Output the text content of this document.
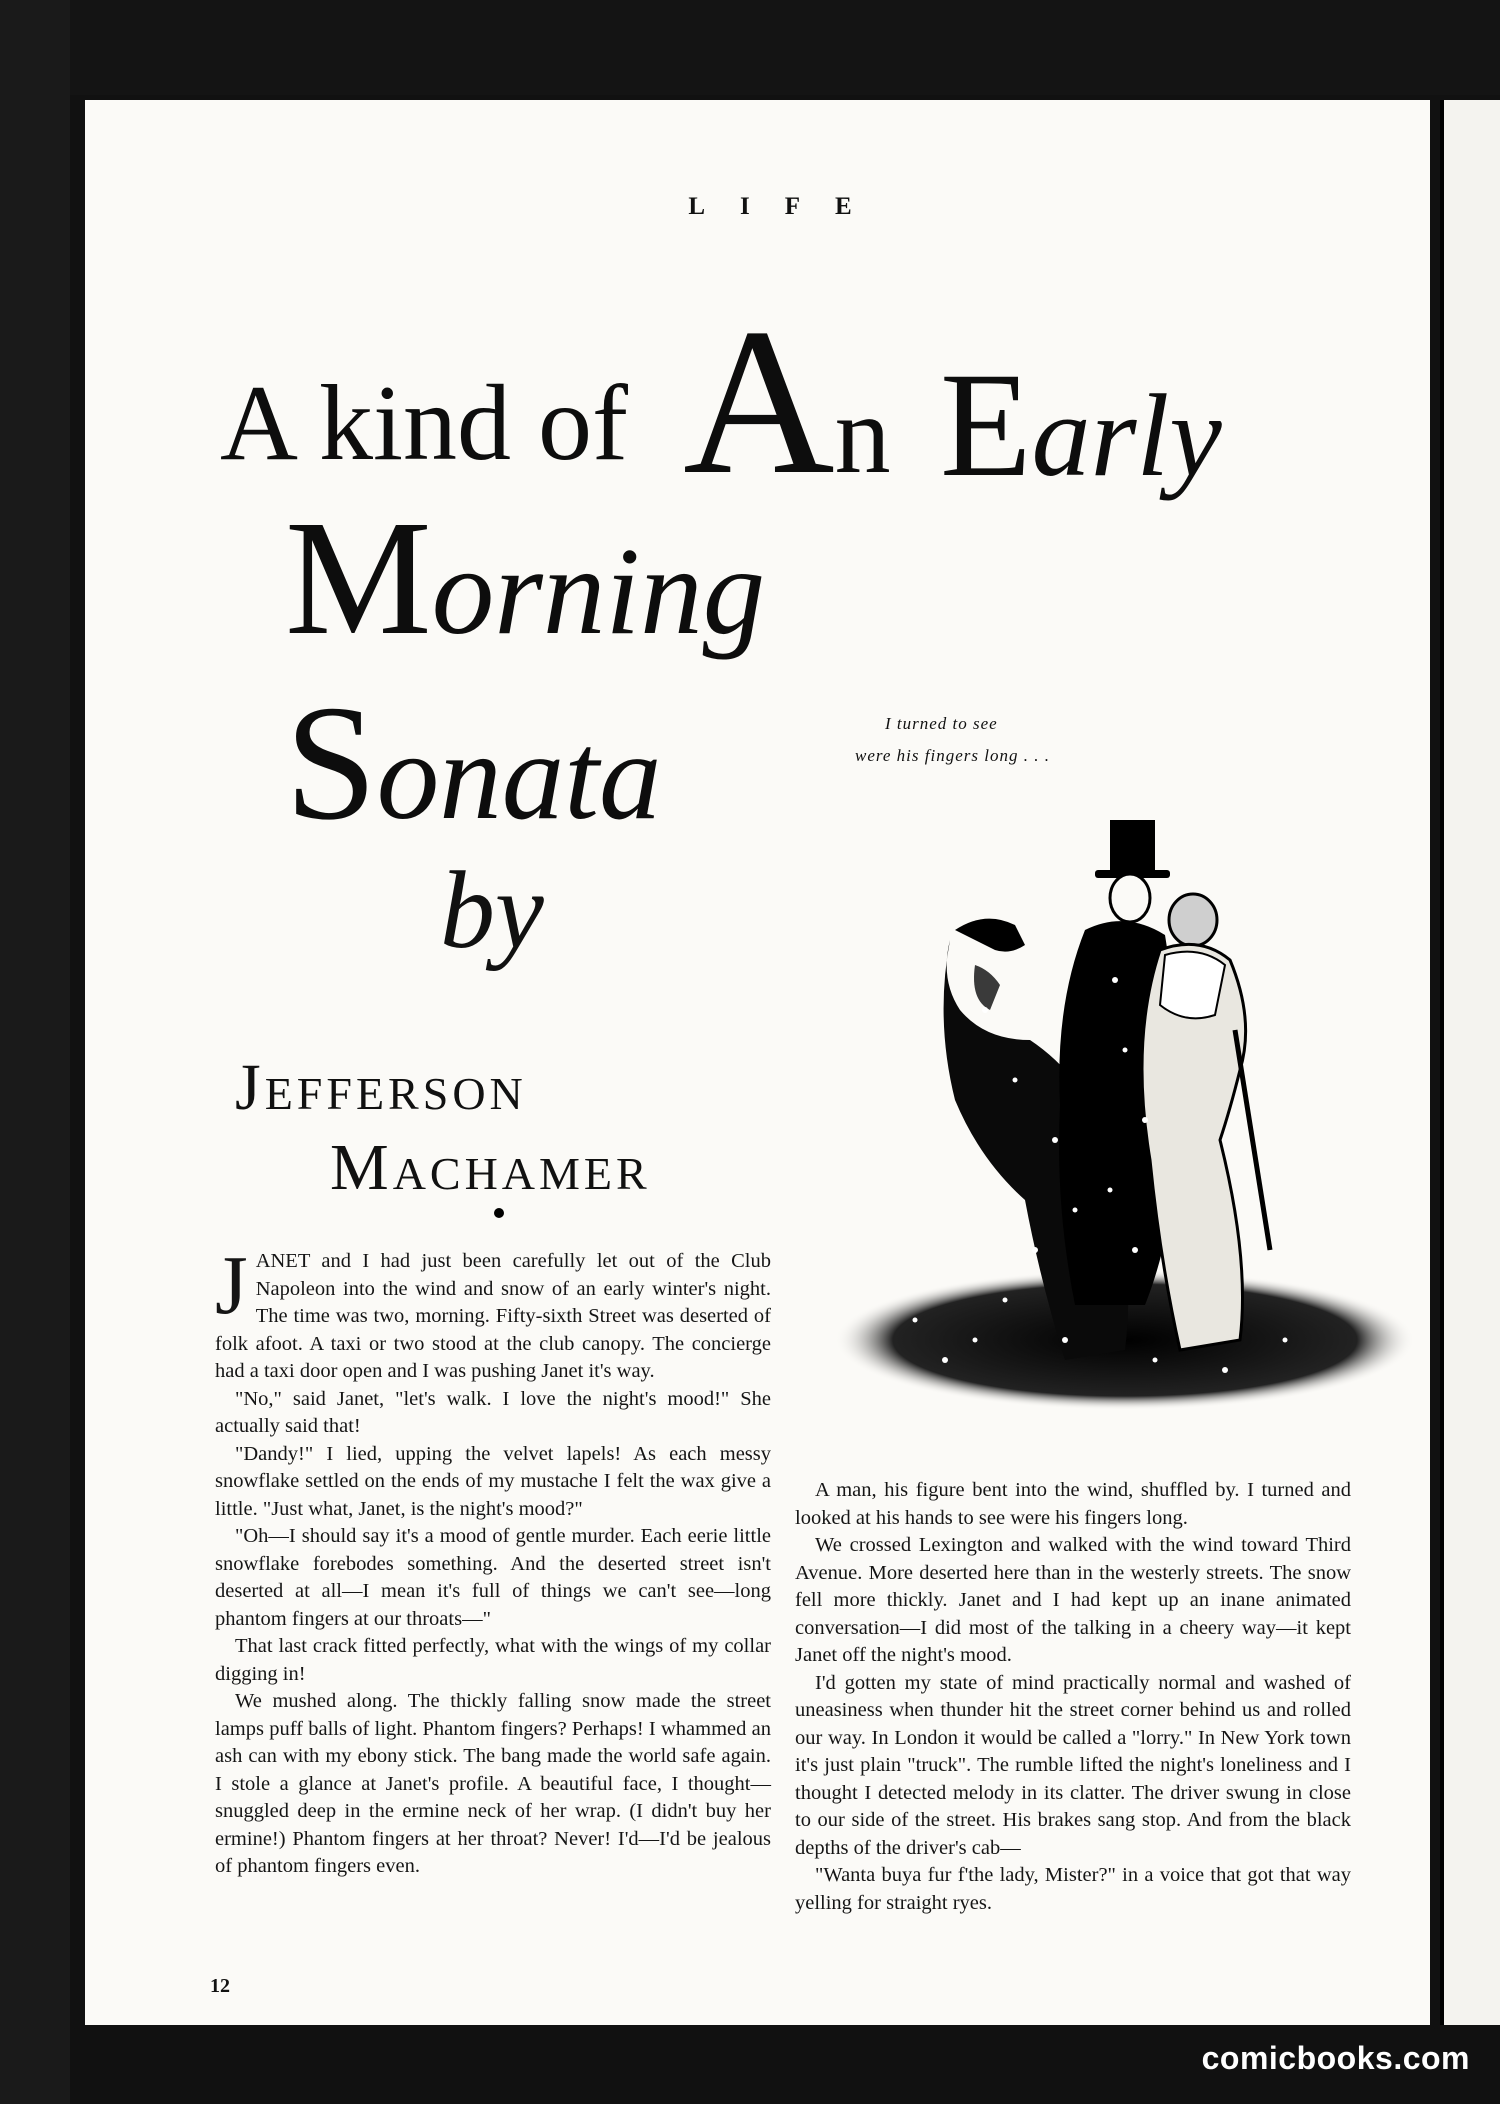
LIFE
A kind of An Early
Morning
Sonata
by
JEFFERSON
MACHAMER
I turned to see
were his fingers long . . .

JANET and I had just been carefully let out of the Club Napoleon into the wind and snow of an early winter's night. The time was two, morning. Fifty-sixth Street was deserted of folk afoot. A taxi or two stood at the club canopy. The concierge had a taxi door open and I was pushing Janet it's way.

"No," said Janet, "let's walk. I love the night's mood!" She actually said that!

"Dandy!" I lied, upping the velvet lapels! As each messy snowflake settled on the ends of my mustache I felt the wax give a little. "Just what, Janet, is the night's mood?"

"Oh—I should say it's a mood of gentle murder. Each eerie little snowflake forebodes something. And the deserted street isn't deserted at all—I mean it's full of things we can't see—long phantom fingers at our throats—"

That last crack fitted perfectly, what with the wings of my collar digging in!

We mushed along. The thickly falling snow made the street lamps puff balls of light. Phantom fingers? Perhaps! I whammed an ash can with my ebony stick. The bang made the world safe again. I stole a glance at Janet's profile. A beautiful face, I thought—snuggled deep in the ermine neck of her wrap. (I didn't buy her ermine!) Phantom fingers at her throat? Never! I'd—I'd be jealous of phantom fingers even.

A man, his figure bent into the wind, shuffled by. I turned and looked at his hands to see were his fingers long.

We crossed Lexington and walked with the wind toward Third Avenue. More deserted here than in the westerly streets. The snow fell more thickly. Janet and I had kept up an inane animated conversation—I did most of the talking in a cheery way—it kept Janet off the night's mood.

I'd gotten my state of mind practically normal and washed of uneasiness when thunder hit the street corner behind us and rolled our way. In London it would be called a "lorry." In New York town it's just plain "truck". The rumble lifted the night's loneliness and I thought I detected melody in its clatter. The driver swung in close to our side of the street. His brakes sang stop. And from the black depths of the driver's cab—

"Wanta buya fur f'the lady, Mister?" in a voice that got that way yelling for straight ryes.

12
comicbooks.com
